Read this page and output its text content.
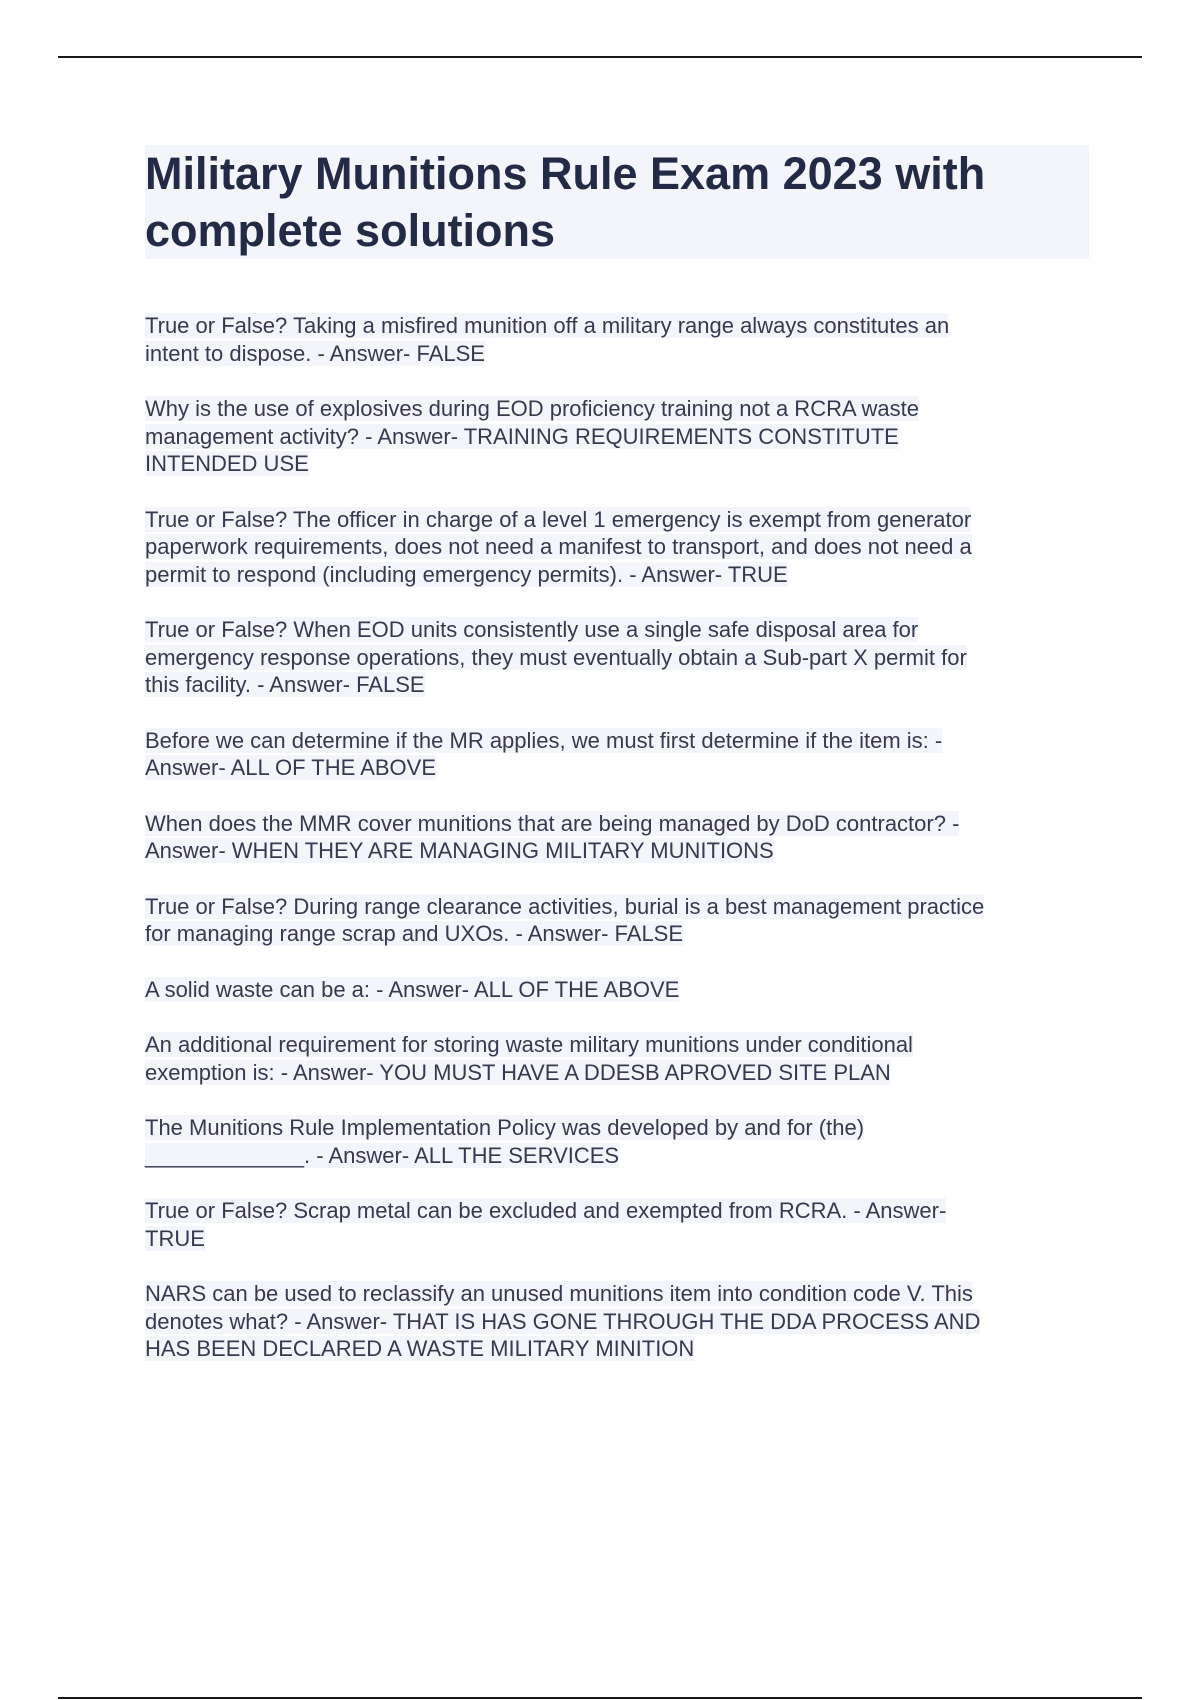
Military Munitions Rule Exam 2023 with
complete solutions

True or False? Taking a misfired munition off a military range always constitutes an
intent to dispose. - Answer- FALSE

Why is the use of explosives during EOD proficiency training not a RCRA waste
management activity? - Answer- TRAINING REQUIREMENTS CONSTITUTE
INTENDED USE

True or False? The officer in charge of a level 1 emergency is exempt from generator
paperwork requirements, does not need a manifest to transport, and does not need a
permit to respond (including emergency permits). - Answer- TRUE

True or False? When EOD units consistently use a single safe disposal area for
emergency response operations, they must eventually obtain a Sub-part X permit for
this facility. - Answer- FALSE

Before we can determine if the MR applies, we must first determine if the item is: -
Answer- ALL OF THE ABOVE

When does the MMR cover munitions that are being managed by DoD contractor? -
Answer- WHEN THEY ARE MANAGING MILITARY MUNITIONS

True or False? During range clearance activities, burial is a best management practice
for managing range scrap and UXOs. - Answer- FALSE

A solid waste can be a: - Answer- ALL OF THE ABOVE

An additional requirement for storing waste military munitions under conditional
exemption is: - Answer- YOU MUST HAVE A DDESB APROVED SITE PLAN

The Munitions Rule Implementation Policy was developed by and for (the)
_____________. - Answer- ALL THE SERVICES

True or False? Scrap metal can be excluded and exempted from RCRA. - Answer-
TRUE

NARS can be used to reclassify an unused munitions item into condition code V. This
denotes what? - Answer- THAT IS HAS GONE THROUGH THE DDA PROCESS AND
HAS BEEN DECLARED A WASTE MILITARY MINITION
